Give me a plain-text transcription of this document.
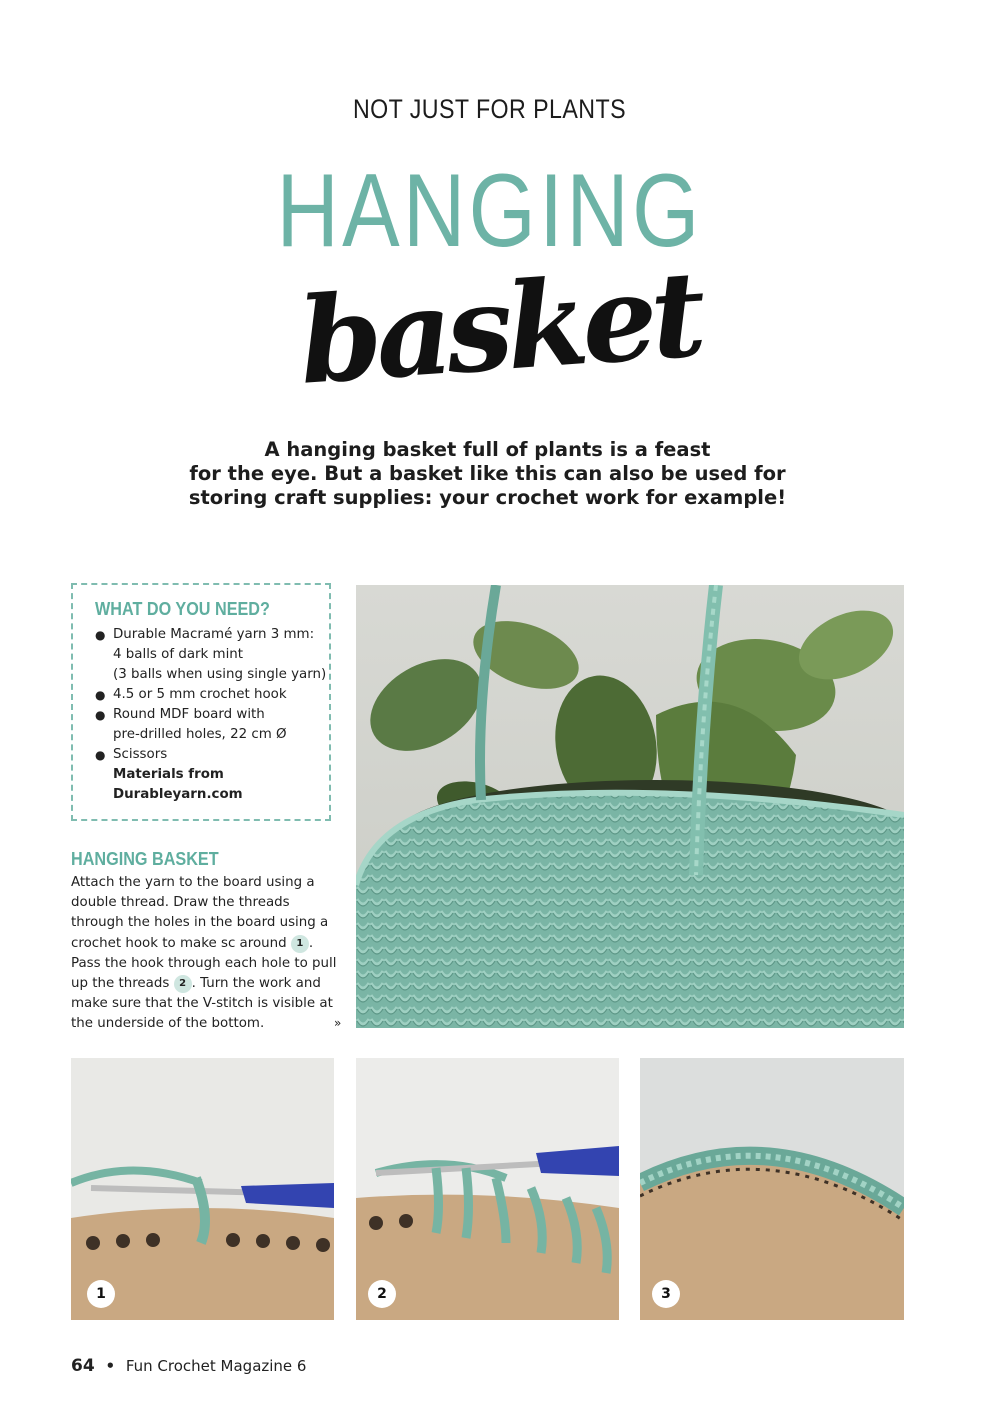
NOT JUST FOR PLANTS
HANGING
basket
A hanging basket full of plants is a feast
for the eye. But a basket like this can also be used for
storing craft supplies: your crochet work for example!
WHAT DO YOU NEED?
● Durable Macramé yarn 3 mm:
4 balls of dark mint
(3 balls when using single yarn)
● 4.5 or 5 mm crochet hook
● Round MDF board with
pre-drilled holes, 22 cm Ø
● Scissors
Materials from
Durableyarn.com
HANGING BASKET
Attach the yarn to the board using a double thread. Draw the threads through the holes in the board using a crochet hook to make sc around 1 . Pass the hook through each hole to pull up the threads 2 . Turn the work and make sure that the V-stitch is visible at the underside of the bottom.	»
1	2	3
64 • Fun Crochet Magazine 6
